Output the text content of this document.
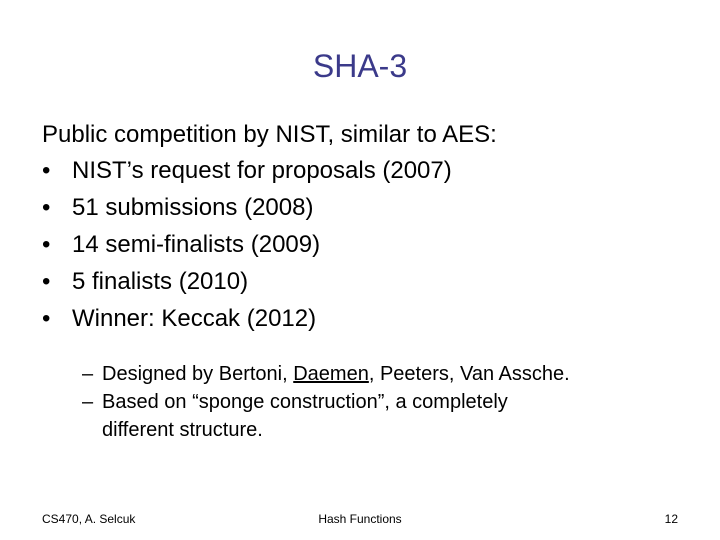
SHA-3
Public competition by NIST, similar to AES:
• NIST’s request for proposals (2007)
• 51 submissions (2008)
• 14 semi-finalists (2009)
• 5 finalists (2010)
• Winner: Keccak (2012)
– Designed by Bertoni, Daemen, Peeters, Van Assche.
– Based on “sponge construction”, a completely
different structure.
CS470, A. Selcuk	Hash Functions	12
